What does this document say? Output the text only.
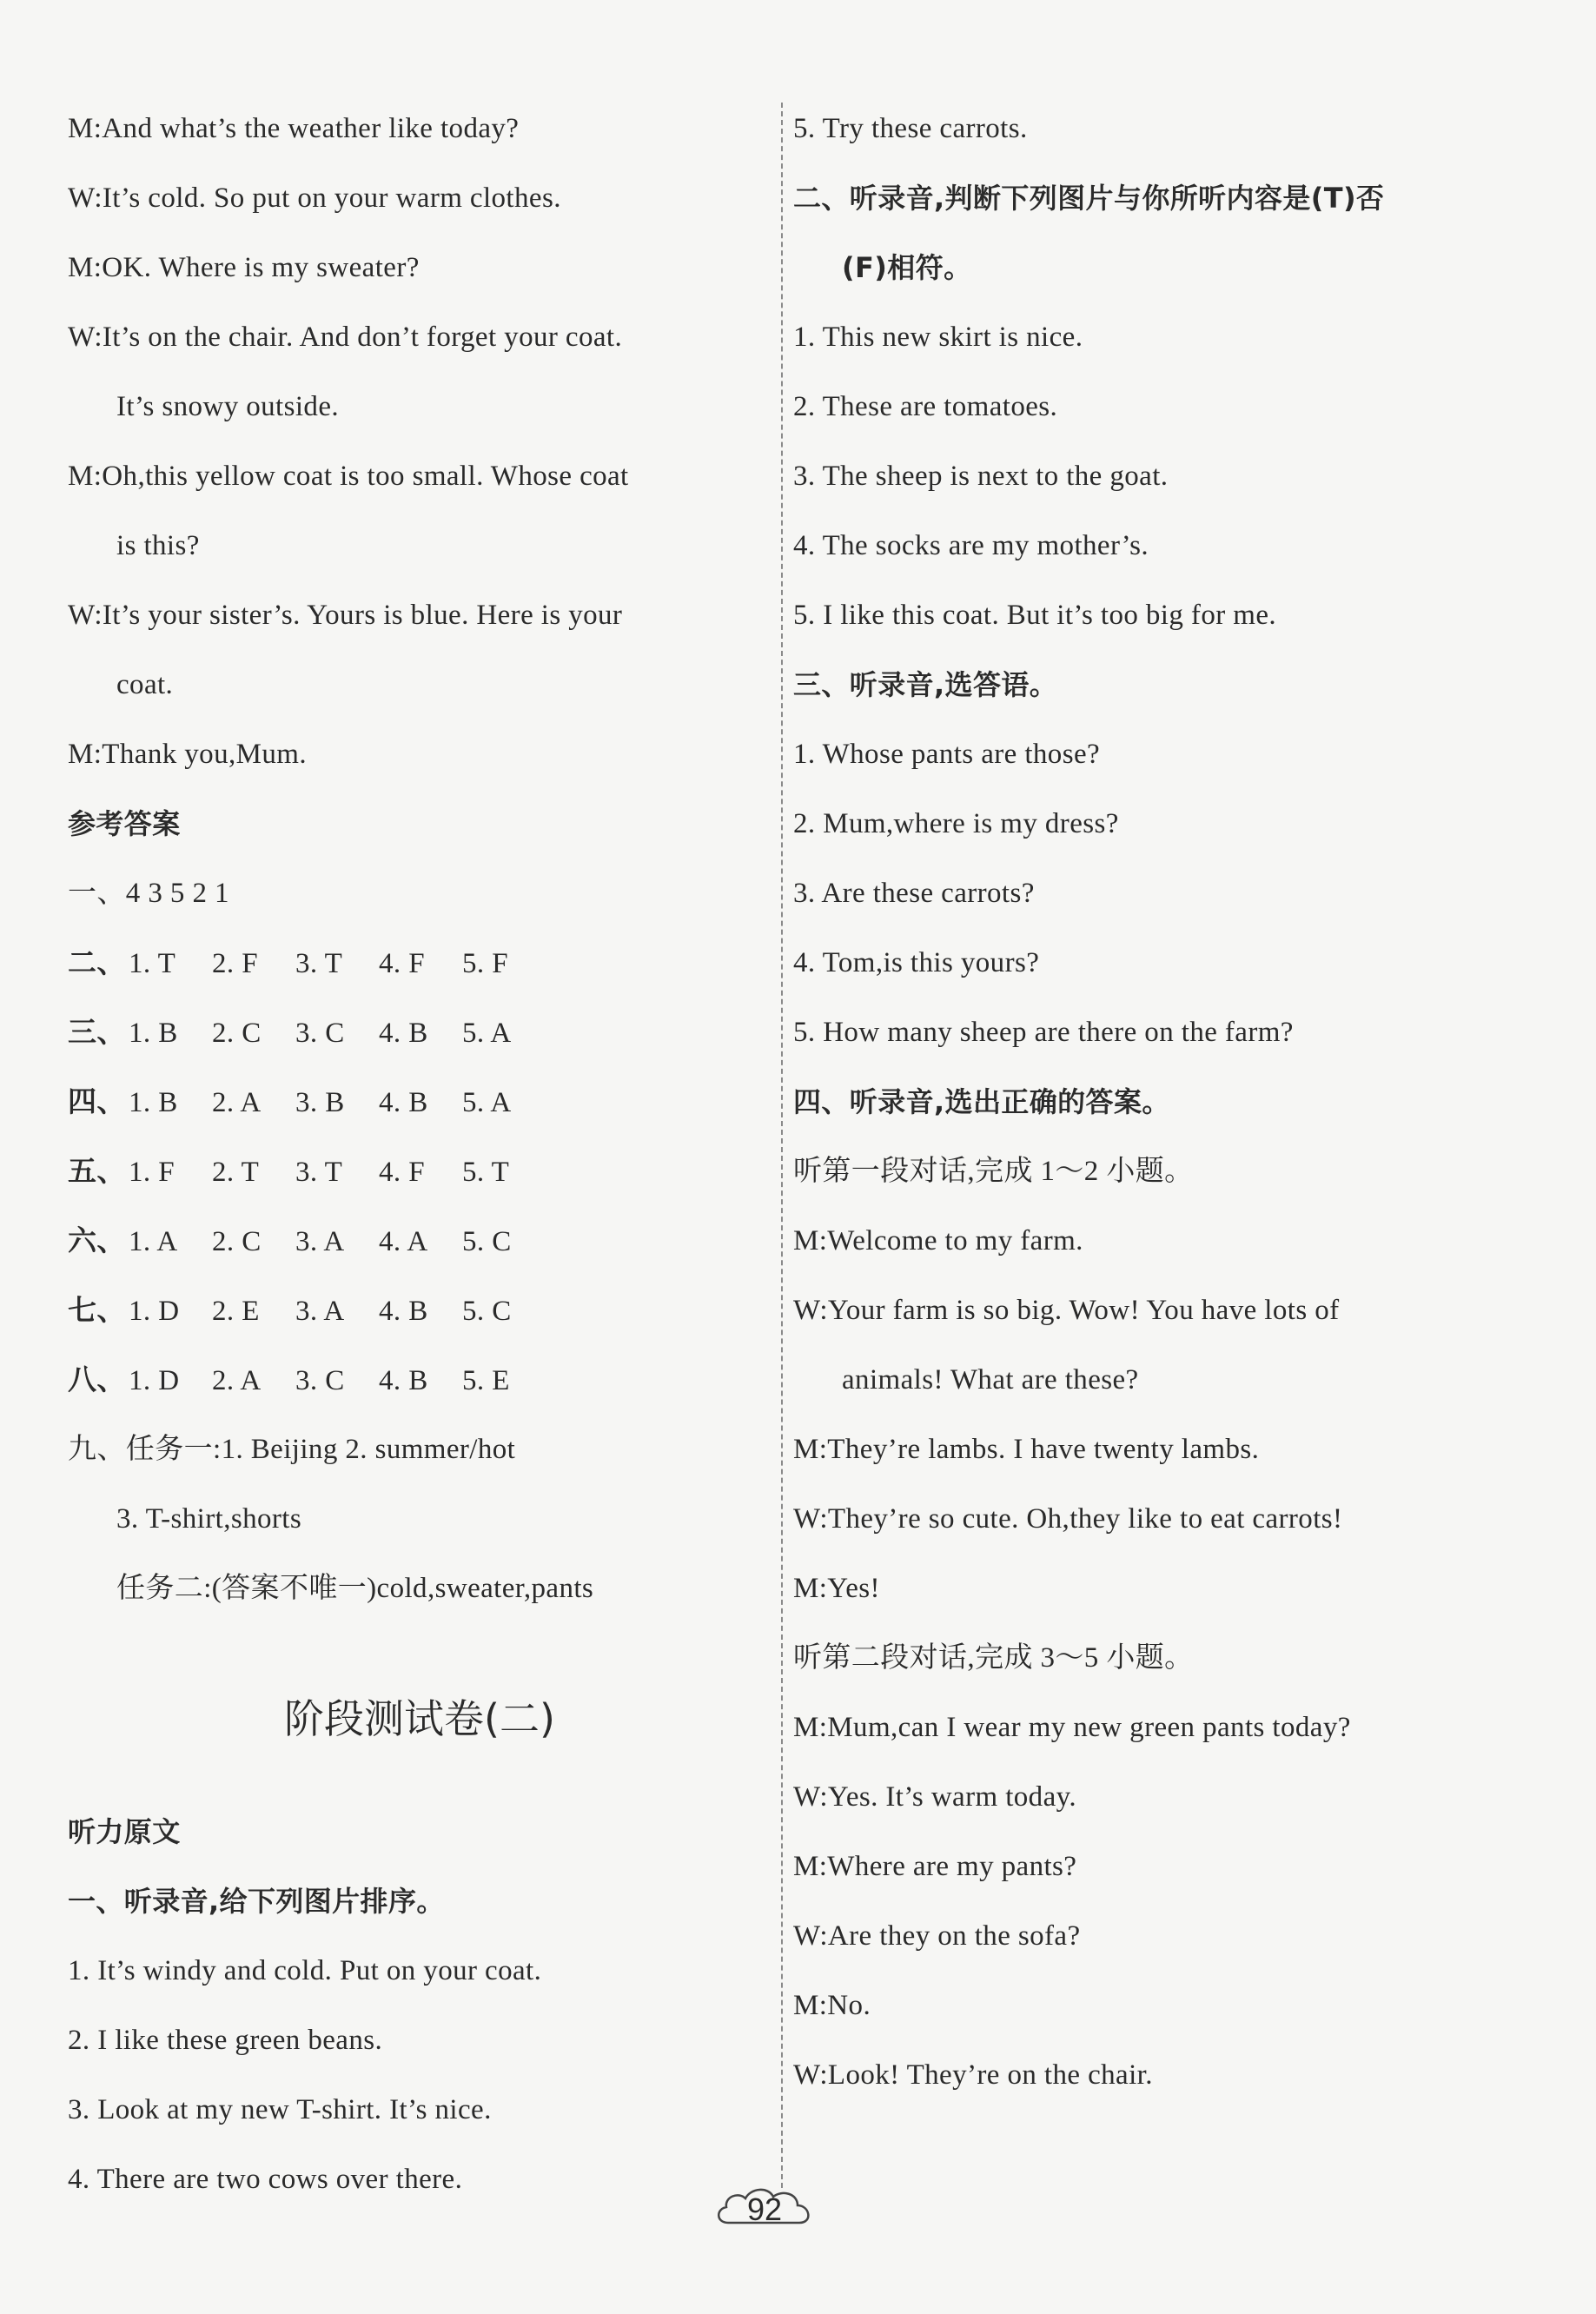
M:And what’s the weather like today?
W:It’s cold. So put on your warm clothes.
M:OK. Where is my sweater?
W:It’s on the chair. And don’t forget your coat.
It’s snowy outside.
M:Oh,this yellow coat is too small. Whose coat
is this?
W:It’s your sister’s. Yours is blue. Here is your
coat.
M:Thank you,Mum.
参考答案
一、4 3 5 2 1
二、1. T 2. F 3. T 4. F 5. F
三、1. B 2. C 3. C 4. B 5. A
四、1. B 2. A 3. B 4. B 5. A
五、1. F 2. T 3. T 4. F 5. T
六、1. A 2. C 3. A 4. A 5. C
七、1. D 2. E 3. A 4. B 5. C
八、1. D 2. A 3. C 4. B 5. E
九、任务一:1. Beijing 2. summer/hot
3. T-shirt,shorts
任务二:(答案不唯一)cold,sweater,pants
阶段测试卷(二)
听力原文
一、听录音,给下列图片排序。
1. It’s windy and cold. Put on your coat.
2. I like these green beans.
3. Look at my new T-shirt. It’s nice.
4. There are two cows over there.
5. Try these carrots.
二、听录音,判断下列图片与你所听内容是(T)否
(F)相符。
1. This new skirt is nice.
2. These are tomatoes.
3. The sheep is next to the goat.
4. The socks are my mother’s.
5. I like this coat. But it’s too big for me.
三、听录音,选答语。
1. Whose pants are those?
2. Mum,where is my dress?
3. Are these carrots?
4. Tom,is this yours?
5. How many sheep are there on the farm?
四、听录音,选出正确的答案。
听第一段对话,完成 1～2 小题。
M:Welcome to my farm.
W:Your farm is so big. Wow! You have lots of
animals! What are these?
M:They’re lambs. I have twenty lambs.
W:They’re so cute. Oh,they like to eat carrots!
M:Yes!
听第二段对话,完成 3～5 小题。
M:Mum,can I wear my new green pants today?
W:Yes. It’s warm today.
M:Where are my pants?
W:Are they on the sofa?
M:No.
W:Look! They’re on the chair.
92
